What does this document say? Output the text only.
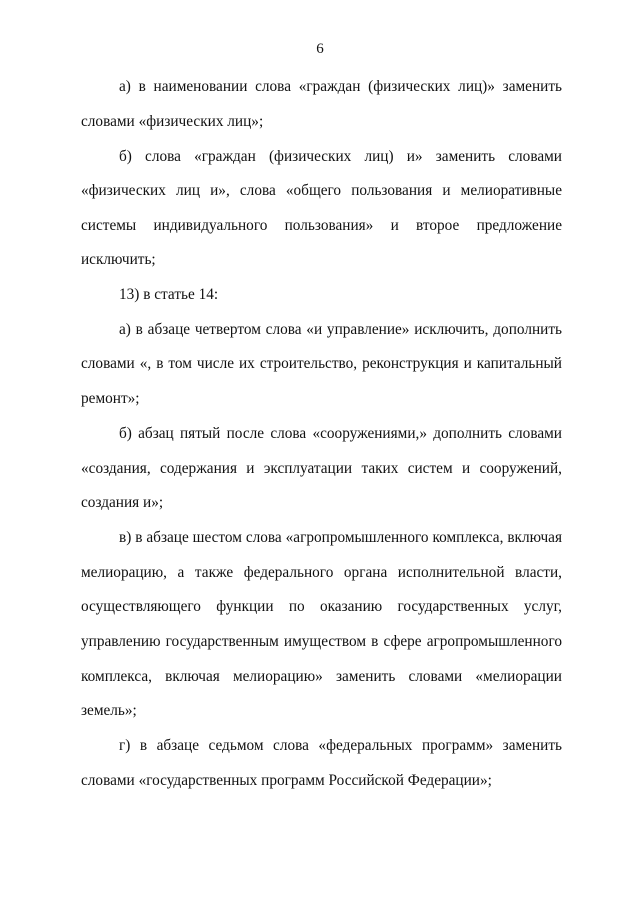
6
а) в наименовании слова «граждан (физических лиц)» заменить
словами «физических лиц»;
б) слова «граждан (физических лиц) и» заменить словами
«физических лиц и», слова «общего пользования и мелиоративные
системы индивидуального пользования» и второе предложение
исключить;
13) в статье 14:
а) в абзаце четвертом слова «и управление» исключить, дополнить
словами «, в том числе их строительство, реконструкция и капитальный
ремонт»;
б) абзац пятый после слова «сооружениями,» дополнить словами
«создания, содержания и эксплуатации таких систем и сооружений,
создания и»;
в) в абзаце шестом слова «агропромышленного комплекса, включая
мелиорацию, а также федерального органа исполнительной власти,
осуществляющего функции по оказанию государственных услуг,
управлению государственным имуществом в сфере агропромышленного
комплекса, включая мелиорацию» заменить словами «мелиорации
земель»;
г) в абзаце седьмом слова «федеральных программ» заменить
словами «государственных программ Российской Федерации»;
